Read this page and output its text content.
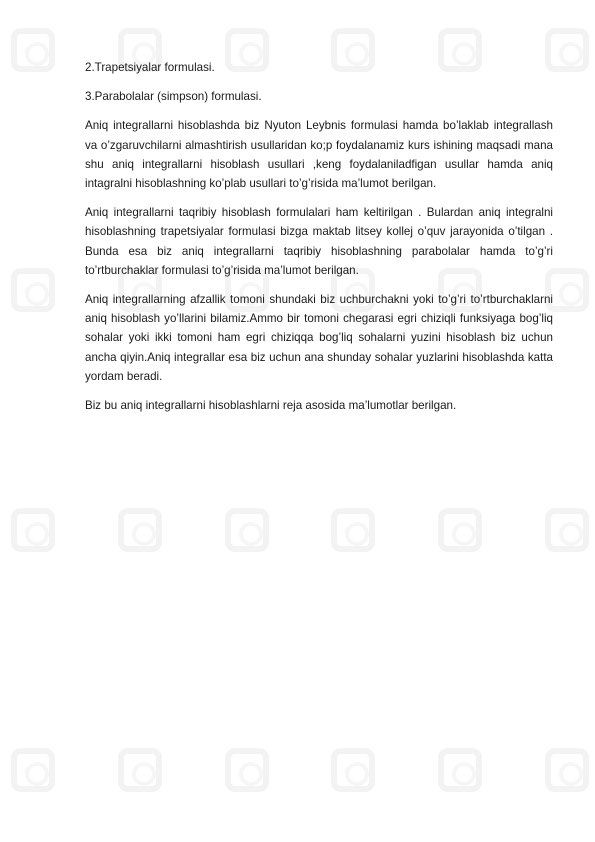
2.Trapetsiyalar formulasi.

3.Parabolalar (simpson) formulasi.

Aniq integrallarni hisoblashda biz Nyuton Leybnis formulasi hamda bo’laklab integrallash va o’zgaruvchilarni almashtirish usullaridan ko;p foydalanamiz kurs ishining maqsadi mana shu aniq integrallarni hisoblash usullari ,keng foydalaniladfigan usullar hamda aniq intagralni hisoblashning ko’plab usullari to’g’risida ma’lumot berilgan.

Aniq integrallarni taqribiy hisoblash formulalari ham keltirilgan . Bulardan aniq integralni hisoblashning trapetsiyalar formulasi bizga maktab litsey kollej o’quv jarayonida o’tilgan . Bunda esa biz aniq integrallarni taqribiy hisoblashning parabolalar hamda to’g’ri to’rtburchaklar formulasi to’g’risida ma’lumot berilgan.

Aniq integrallarning afzallik tomoni shundaki biz uchburchakni yoki to’g’ri to’rtburchaklarni aniq hisoblash yo’llarini bilamiz.Ammo bir tomoni chegarasi egri chiziqli funksiyaga bog’liq sohalar yoki ikki tomoni ham egri chiziqqa bog’liq sohalarni yuzini hisoblash biz uchun ancha qiyin.Aniq integrallar esa biz uchun ana shunday sohalar yuzlarini hisoblashda katta yordam beradi.

Biz bu aniq integrallarni hisoblashlarni reja asosida ma’lumotlar berilgan.
